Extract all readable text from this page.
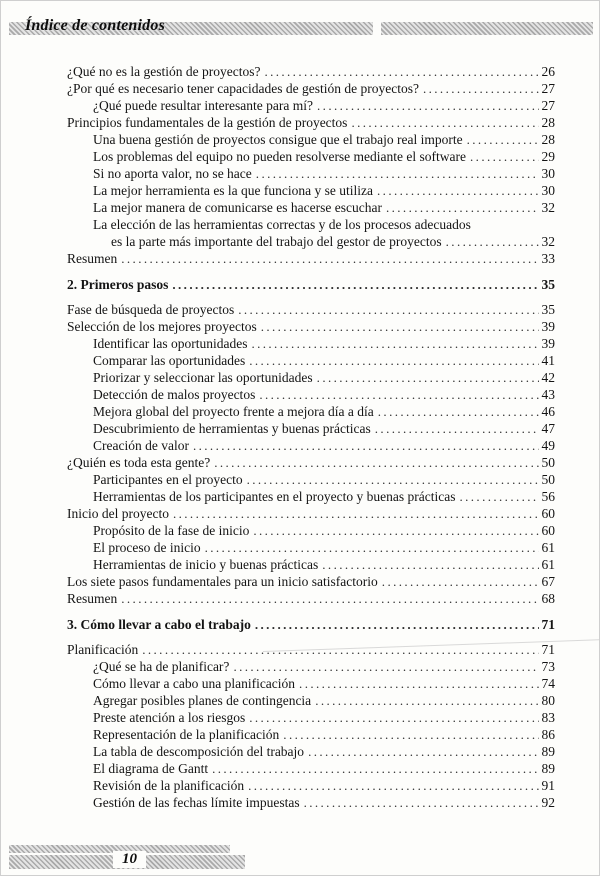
Índice de contenidos
¿Qué no es la gestión de proyectos? .....	26
¿Por qué es necesario tener capacidades de gestión de proyectos? .....	27
¿Qué puede resultar interesante para mí? .....	27
Principios fundamentales de la gestión de proyectos .....	28
Una buena gestión de proyectos consigue que el trabajo real importe .....	28
Los problemas del equipo no pueden resolverse mediante el software .....	29
Si no aporta valor, no se hace .....	30
La mejor herramienta es la que funciona y se utiliza .....	30
La mejor manera de comunicarse es hacerse escuchar .....	32
La elección de las herramientas correctas y de los procesos adecuados
es la parte más importante del trabajo del gestor de proyectos .....	32
Resumen .....	33
2. Primeros pasos .....	35
Fase de búsqueda de proyectos .....	35
Selección de los mejores proyectos .....	39
Identificar las oportunidades .....	39
Comparar las oportunidades .....	41
Priorizar y seleccionar las oportunidades .....	42
Detección de malos proyectos .....	43
Mejora global del proyecto frente a mejora día a día .....	46
Descubrimiento de herramientas y buenas prácticas .....	47
Creación de valor .....	49
¿Quién es toda esta gente? .....	50
Participantes en el proyecto .....	50
Herramientas de los participantes en el proyecto y buenas prácticas .....	56
Inicio del proyecto .....	60
Propósito de la fase de inicio .....	60
El proceso de inicio .....	61
Herramientas de inicio y buenas prácticas .....	61
Los siete pasos fundamentales para un inicio satisfactorio .....	67
Resumen .....	68
3. Cómo llevar a cabo el trabajo .....	71
Planificación .....	71
¿Qué se ha de planificar? .....	73
Cómo llevar a cabo una planificación .....	74
Agregar posibles planes de contingencia .....	80
Preste atención a los riesgos .....	83
Representación de la planificación .....	86
La tabla de descomposición del trabajo .....	89
El diagrama de Gantt .....	89
Revisión de la planificación .....	91
Gestión de las fechas límite impuestas .....	92
10
